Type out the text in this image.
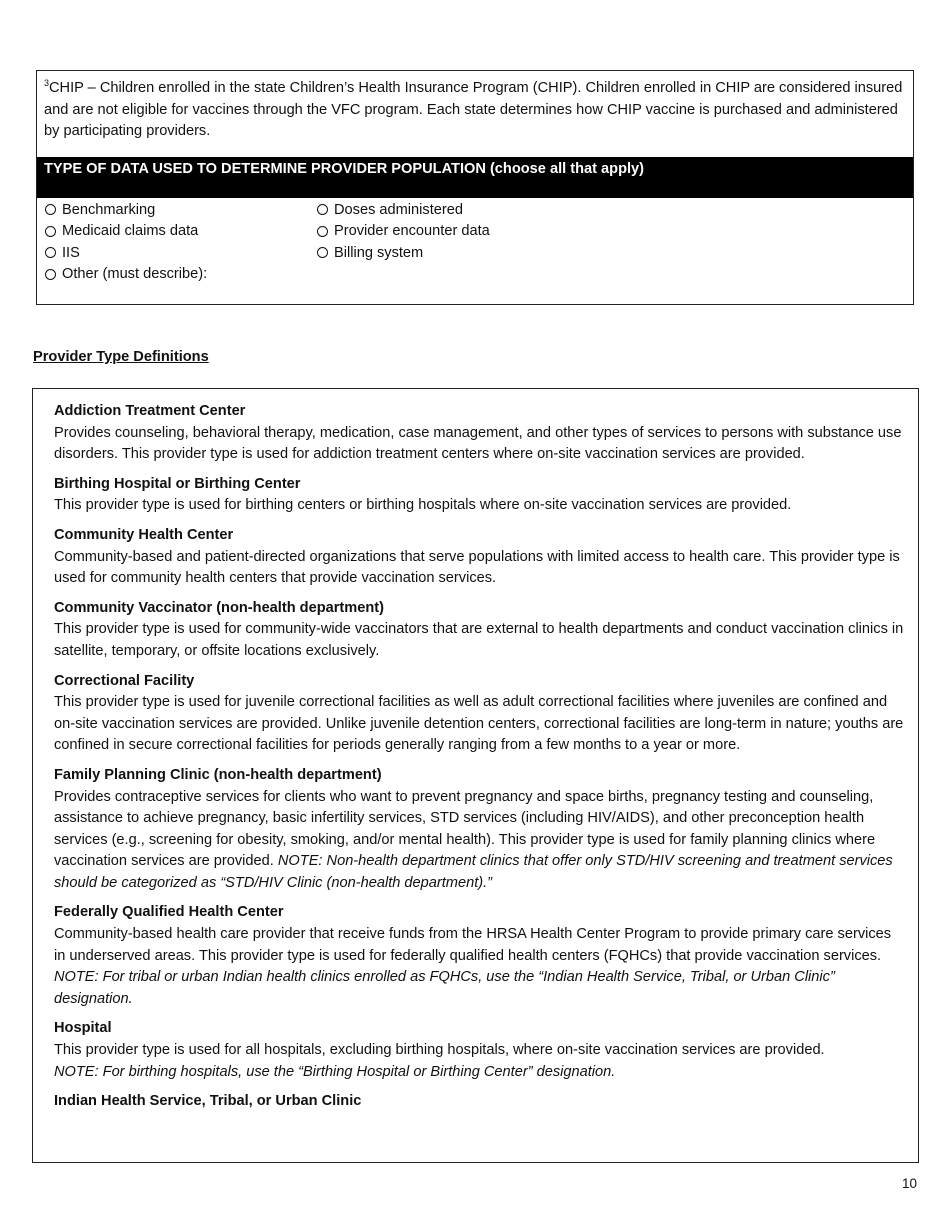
$^3$CHIP – Children enrolled in the state Children’s Health Insurance Program (CHIP). Children enrolled in CHIP are considered insured and are not eligible for vaccines through the VFC program. Each state determines how CHIP vaccine is purchased and administered by participating providers.
TYPE OF DATA USED TO DETERMINE PROVIDER POPULATION (choose all that apply)
Benchmarking
Medicaid claims data
IIS
Other (must describe):
Doses administered
Provider encounter data
Billing system
Provider Type Definitions
Addiction Treatment Center
Provides counseling, behavioral therapy, medication, case management, and other types of services to persons with substance use disorders. This provider type is used for addiction treatment centers where on-site vaccination services are provided.
Birthing Hospital or Birthing Center
This provider type is used for birthing centers or birthing hospitals where on-site vaccination services are provided.
Community Health Center
Community-based and patient-directed organizations that serve populations with limited access to health care. This provider type is used for community health centers that provide vaccination services.
Community Vaccinator (non-health department)
This provider type is used for community-wide vaccinators that are external to health departments and conduct vaccination clinics in satellite, temporary, or offsite locations exclusively.
Correctional Facility
This provider type is used for juvenile correctional facilities as well as adult correctional facilities where juveniles are confined and on-site vaccination services are provided. Unlike juvenile detention centers, correctional facilities are long-term in nature; youths are confined in secure correctional facilities for periods generally ranging from a few months to a year or more.
Family Planning Clinic (non-health department)
Provides contraceptive services for clients who want to prevent pregnancy and space births, pregnancy testing and counseling, assistance to achieve pregnancy, basic infertility services, STD services (including HIV/AIDS), and other preconception health services (e.g., screening for obesity, smoking, and/or mental health). This provider type is used for family planning clinics where vaccination services are provided. NOTE: Non-health department clinics that offer only STD/HIV screening and treatment services should be categorized as “STD/HIV Clinic (non-health department).”
Federally Qualified Health Center
Community-based health care provider that receive funds from the HRSA Health Center Program to provide primary care services in underserved areas. This provider type is used for federally qualified health centers (FQHCs) that provide vaccination services. NOTE: For tribal or urban Indian health clinics enrolled as FQHCs, use the “Indian Health Service, Tribal, or Urban Clinic” designation.
Hospital
This provider type is used for all hospitals, excluding birthing hospitals, where on-site vaccination services are provided.
NOTE: For birthing hospitals, use the “Birthing Hospital or Birthing Center” designation.
Indian Health Service, Tribal, or Urban Clinic
10
